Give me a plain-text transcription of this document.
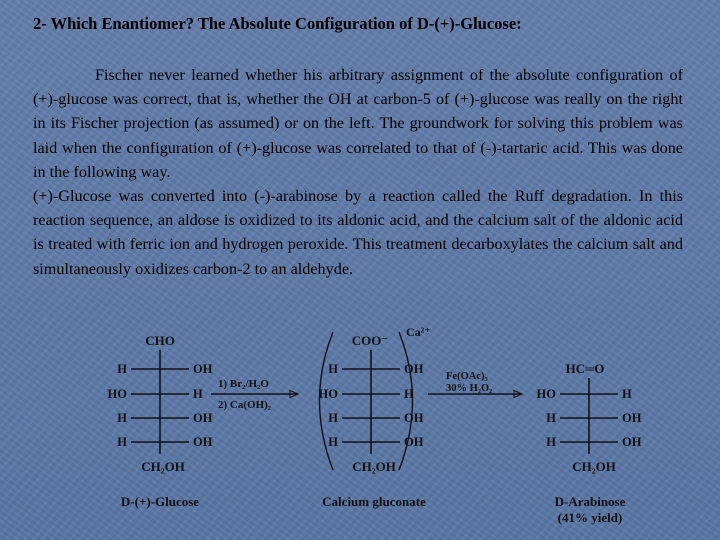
2- Which Enantiomer? The Absolute Configuration of D-(+)-Glucose:

Fischer never learned whether his arbitrary assignment of the absolute configuration of (+)-glucose was correct, that is, whether the OH at carbon-5 of (+)-glucose was really on the right in its Fischer projection (as assumed) or on the left. The groundwork for solving this problem was laid when the configuration of (+)-glucose was correlated to that of (-)-tartaric acid. This was done in the following way.

(+)-Glucose was converted into (-)-arabinose by a reaction called the Ruff degradation. In this reaction sequence, an aldose is oxidized to its aldonic acid, and the calcium salt of the aldonic acid is treated with ferric ion and hydrogen peroxide. This treatment decarboxylates the calcium salt and simultaneously oxidizes carbon-2 to an aldehyde.

CHO
H	OH
HO	H
H	OH
H	OH
CH₂OH
D-(+)-Glucose
1) Br₂/H₂O
2) Ca(OH)₂
COO⁻
Ca²⁺
H	OH
HO	H
H	OH
H	OH
CH₂OH
Calcium gluconate
Fe(OAc)₃
30% H₂O₂
HC═O
HO	H
H	OH
H	OH
CH₂OH
D-Arabinose
(41% yield)
